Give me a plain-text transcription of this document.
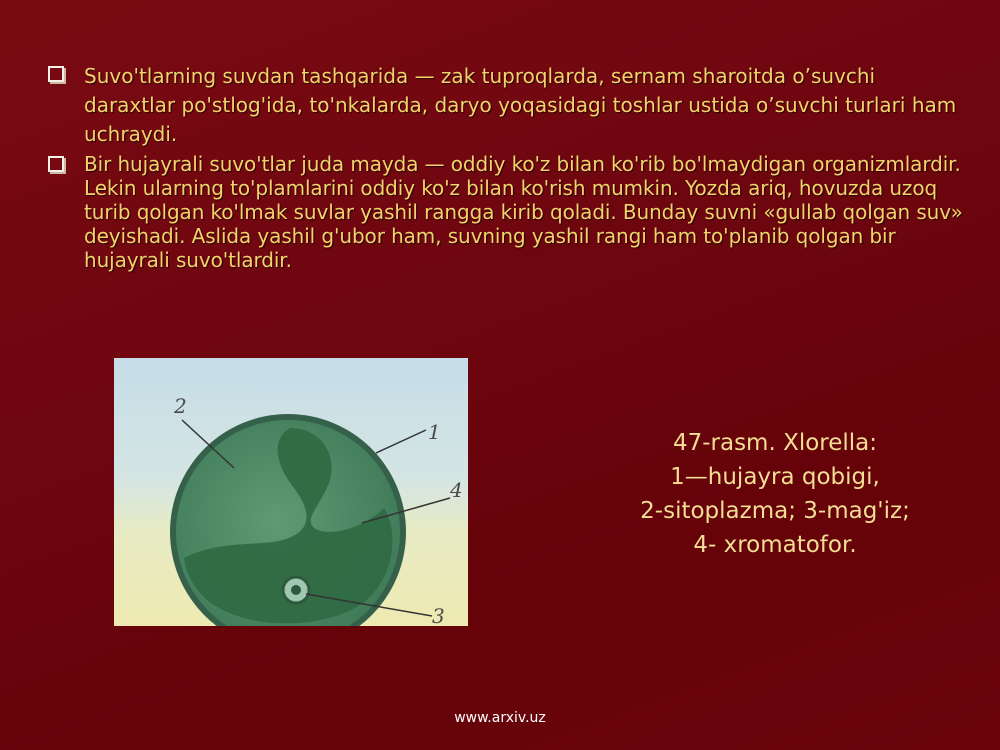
Suvo'tlarning suvdan tashqarida — zak tuproqlarda, sernam sharoitda o’suvchi daraxtlar po'stlog'ida, to'nkalarda, daryo yoqasidagi toshlar ustida o’suvchi turlari ham uchraydi.
Bir hujayrali suvo'tlar juda mayda — oddiy ko'z bilan ko'rib bo'lmaydigan organizmlardir. Lekin ularning to'plamlarini oddiy ko'z bilan ko'rish mumkin. Yozda ariq, hovuzda uzoq turib qolgan ko'lmak suvlar yashil rangga kirib qoladi. Bunday suvni «gullab qolgan suv» deyishadi. Aslida yashil g'ubor ham, suvning yashil rangi ham to'planib qolgan bir hujayrali suvo'tlardir.
2
1
4
3
47-rasm. Xlorella:
1—hujayra qobigi,
2-sitoplazma; 3-mag'iz;
4- xromatofor.
www.arxiv.uz
